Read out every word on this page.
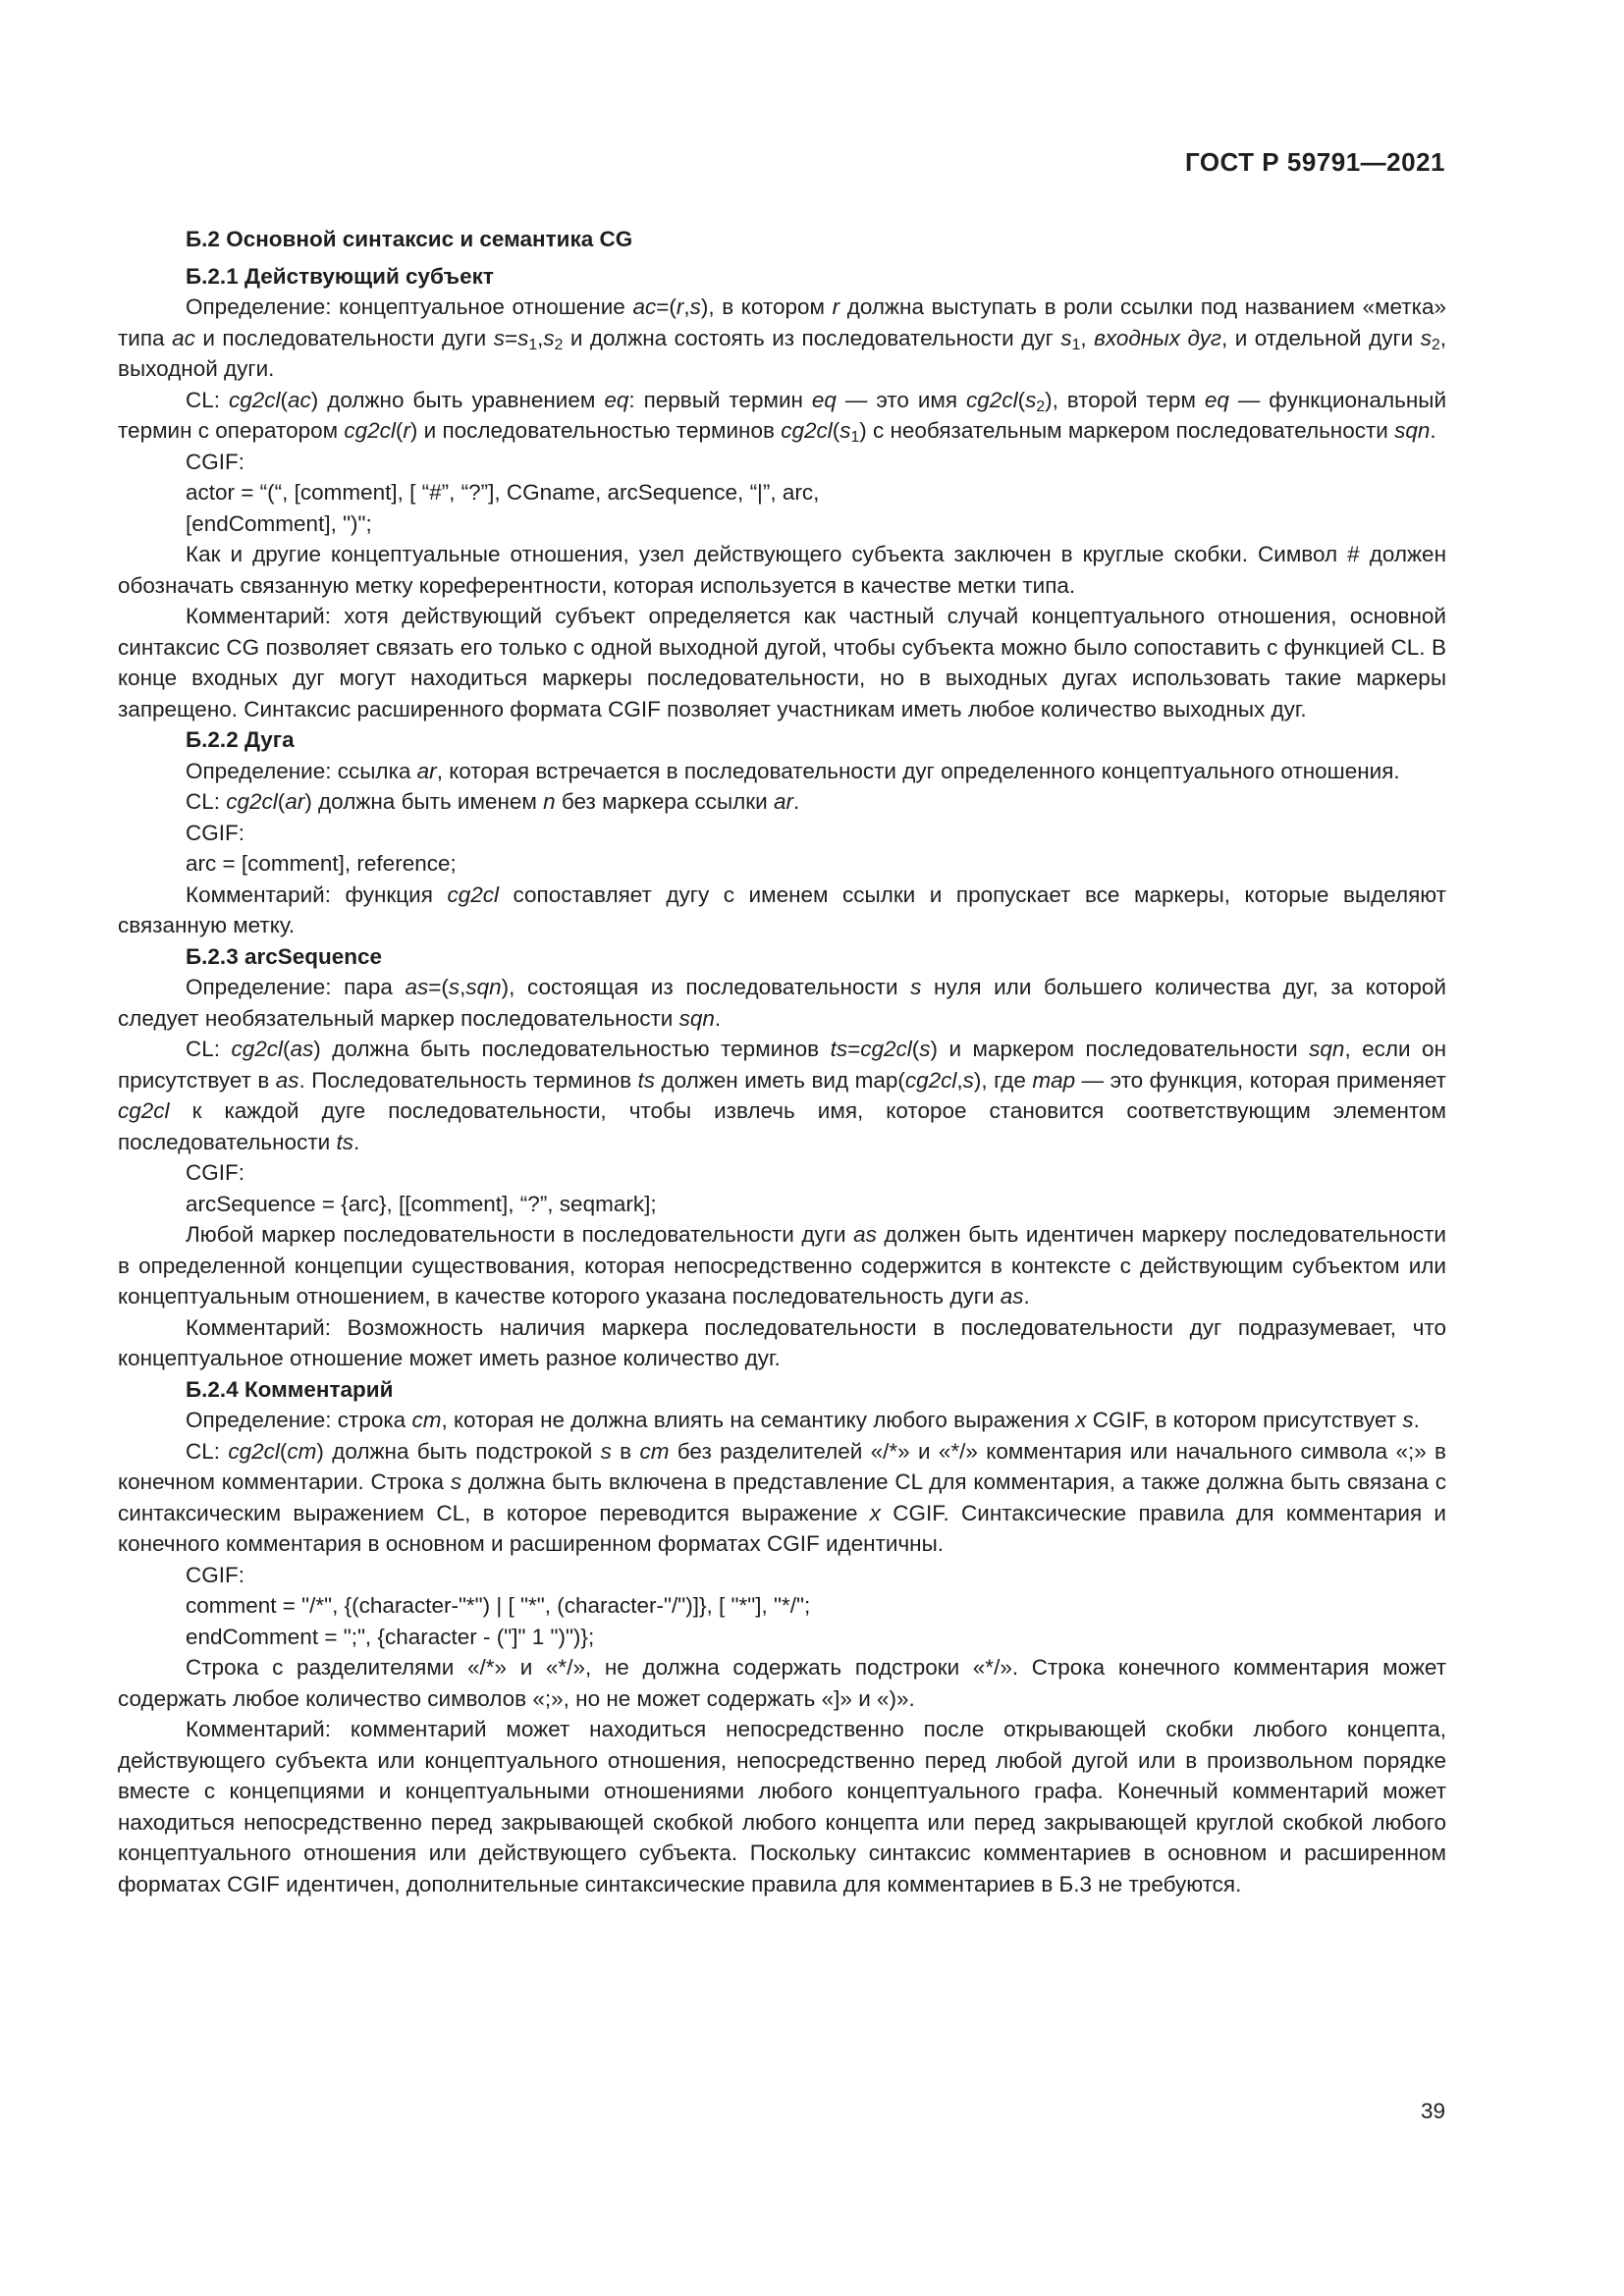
ГОСТ Р 59791—2021
Б.2 Основной синтаксис и семантика CG
Б.2.1 Действующий субъект
Определение: концептуальное отношение ac=(r,s), в котором r должна выступать в роли ссылки под названием «метка» типа ac и последовательности дуги $s=s_1,s_2$ и должна состоять из последовательности дуг $s_1$, входных дуг, и отдельной дуги $s_2$, выходной дуги.
CL: cg2cl(ac) должно быть уравнением eq: первый термин eq — это имя $cg2cl(s_2)$, второй терм eq — функциональный термин с оператором cg2cl(r) и последовательностью терминов $cg2cl(s_1)$ с необязательным маркером последовательности sqn.
CGIF:
actor = “(“, [comment], [ “#”, “?”], CGname, arcSequence, “|”, arc,
[endComment], ")";
Как и другие концептуальные отношения, узел действующего субъекта заключен в круглые скобки. Символ # должен обозначать связанную метку кореферентности, которая используется в качестве метки типа.
Комментарий: хотя действующий субъект определяется как частный случай концептуального отношения, основной синтаксис CG позволяет связать его только с одной выходной дугой, чтобы субъекта можно было сопоставить с функцией CL. В конце входных дуг могут находиться маркеры последовательности, но в выходных дугах использовать такие маркеры запрещено. Синтаксис расширенного формата CGIF позволяет участникам иметь любое количество выходных дуг.
Б.2.2 Дуга
Определение: ссылка ar, которая встречается в последовательности дуг определенного концептуального отношения.
CL: cg2cl(ar) должна быть именем n без маркера ссылки ar.
CGIF:
arc = [comment], reference;
Комментарий: функция cg2cl сопоставляет дугу с именем ссылки и пропускает все маркеры, которые выделяют связанную метку.
Б.2.3 arcSequence
Определение: пара as=(s,sqn), состоящая из последовательности s нуля или большего количества дуг, за которой следует необязательный маркер последовательности sqn.
CL: cg2cl(as) должна быть последовательностью терминов ts=cg2cl(s) и маркером последовательности sqn, если он присутствует в as. Последовательность терминов ts должен иметь вид map(cg2cl,s), где map — это функция, которая применяет cg2cl к каждой дуге последовательности, чтобы извлечь имя, которое становится соответствующим элементом последовательности ts.
CGIF:
arcSequence = {arc}, [[comment], “?”, seqmark];
Любой маркер последовательности в последовательности дуги as должен быть идентичен маркеру последовательности в определенной концепции существования, которая непосредственно содержится в контексте с действующим субъектом или концептуальным отношением, в качестве которого указана последовательность дуги as.
Комментарий: Возможность наличия маркера последовательности в последовательности дуг подразумевает, что концептуальное отношение может иметь разное количество дуг.
Б.2.4 Комментарий
Определение: строка cm, которая не должна влиять на семантику любого выражения x CGIF, в котором присутствует s.
CL: cg2cl(cm) должна быть подстрокой s в cm без разделителей «/*» и «*/» комментария или начального символа «;» в конечном комментарии. Строка s должна быть включена в представление CL для комментария, а также должна быть связана с синтаксическим выражением CL, в которое переводится выражение x CGIF. Синтаксические правила для комментария и конечного комментария в основном и расширенном форматах CGIF идентичны.
CGIF:
comment = "/*", {(character-"*") | [ "*", (character-"/")]}, [ "*"], "*/";
endComment = ";", {character - ("]" 1 ")")};
Строка с разделителями «/*» и «*/», не должна содержать подстроки «*/». Строка конечного комментария может содержать любое количество символов «;», но не может содержать «]» и «)».
Комментарий: комментарий может находиться непосредственно после открывающей скобки любого концепта, действующего субъекта или концептуального отношения, непосредственно перед любой дугой или в произвольном порядке вместе с концепциями и концептуальными отношениями любого концептуального графа. Конечный комментарий может находиться непосредственно перед закрывающей скобкой любого концепта или перед закрывающей круглой скобкой любого концептуального отношения или действующего субъекта. Поскольку синтаксис комментариев в основном и расширенном форматах CGIF идентичен, дополнительные синтаксические правила для комментариев в Б.3 не требуются.
39
